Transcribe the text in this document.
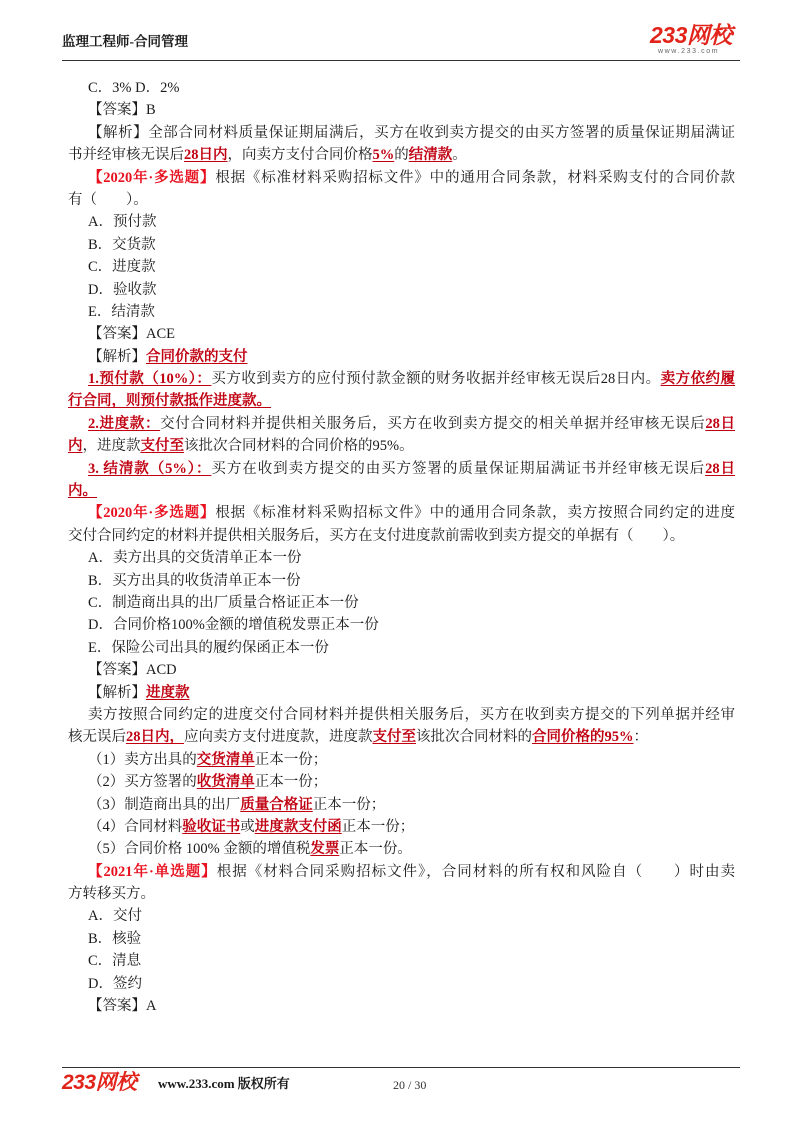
监理工程师-合同管理	233网校
www.233.com
C．3% D．2%
【答案】B
【解析】全部合同材料质量保证期届满后，买方在收到卖方提交的由买方签署的质量保证期届满证
书并经审核无误后28日内，向卖方支付合同价格5%的结清款。
【2020年·多选题】根据《标准材料采购招标文件》中的通用合同条款，材料采购支付的合同价款
有（　　）。
A．预付款
B．交货款
C．进度款
D．验收款
E．结清款
【答案】ACE
【解析】合同价款的支付
1.预付款（10%）：买方收到卖方的应付预付款金额的财务收据并经审核无误后28日内。卖方依约履
行合同，则预付款抵作进度款。
2.进度款：交付合同材料并提供相关服务后，买方在收到卖方提交的相关单据并经审核无误后28日
内，进度款支付至该批次合同材料的合同价格的95%。
3. 结清款（5%）：买方在收到卖方提交的由买方签署的质量保证期届满证书并经审核无误后28日
内。
【2020年·多选题】根据《标准材料采购招标文件》中的通用合同条款，卖方按照合同约定的进度
交付合同约定的材料并提供相关服务后，买方在支付进度款前需收到卖方提交的单据有（　　）。
A．卖方出具的交货清单正本一份
B．买方出具的收货清单正本一份
C．制造商出具的出厂质量合格证正本一份
D．合同价格100%金额的增值税发票正本一份
E．保险公司出具的履约保函正本一份
【答案】ACD
【解析】进度款
卖方按照合同约定的进度交付合同材料并提供相关服务后，买方在收到卖方提交的下列单据并经审
核无误后28日内，应向卖方支付进度款，进度款支付至该批次合同材料的合同价格的95%：
（1）卖方出具的交货清单正本一份；
（2）买方签署的收货清单正本一份；
（3）制造商出具的出厂质量合格证正本一份；
（4）合同材料验收证书或进度款支付函正本一份；
（5）合同价格 100% 金额的增值税发票正本一份。
【2021年·单选题】根据《材料合同采购招标文件》，合同材料的所有权和风险自（　　）时由卖
方转移买方。
A．交付
B．核验
C．清息
D．签约
【答案】A
233网校 www.233.com 版权所有	20 / 30
